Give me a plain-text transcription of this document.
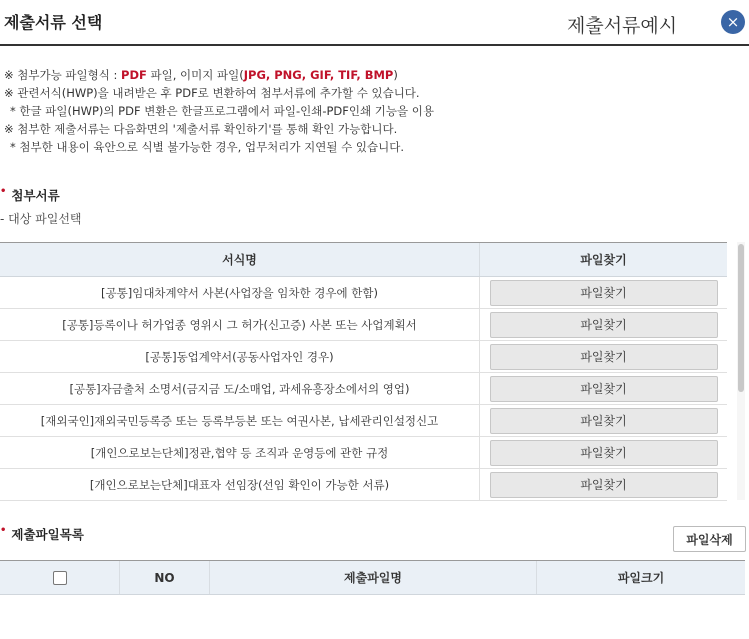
제출서류 선택	제출서류예시	×
※ 첨부가능 파일형식 : PDF 파일, 이미지 파일(JPG, PNG, GIF, TIF, BMP)
※ 관련서식(HWP)을 내려받은 후 PDF로 변환하여 첨부서류에 추가할 수 있습니다.
* 한글 파일(HWP)의 PDF 변환은 한글프로그램에서 파일-인쇄-PDF인쇄 기능을 이용
※ 첨부한 제출서류는 다음화면의 '제출서류 확인하기'를 통해 확인 가능합니다.
* 첨부한 내용이 육안으로 식별 불가능한 경우, 업무처리가 지연될 수 있습니다.
• 첨부서류
- 대상 파일선택
서식명	파일찾기
[공통]임대차계약서 사본(사업장을 임차한 경우에 한함)	파일찾기
[공통]등록이나 허가업종 영위시 그 허가(신고증) 사본 또는 사업계획서	파일찾기
[공통]동업계약서(공동사업자인 경우)	파일찾기
[공통]자금출처 소명서(금지금 도/소매업, 과세유흥장소에서의 영업)	파일찾기
[재외국인]재외국민등록증 또는 등록부등본 또는 여권사본, 납세관리인설정신고	파일찾기
[개인으로보는단체]정관,협약 등 조직과 운영등에 관한 규정	파일찾기
[개인으로보는단체]대표자 선임장(선임 확인이 가능한 서류)	파일찾기
• 제출파일목록	파일삭제
NO	제출파일명	파일크기
